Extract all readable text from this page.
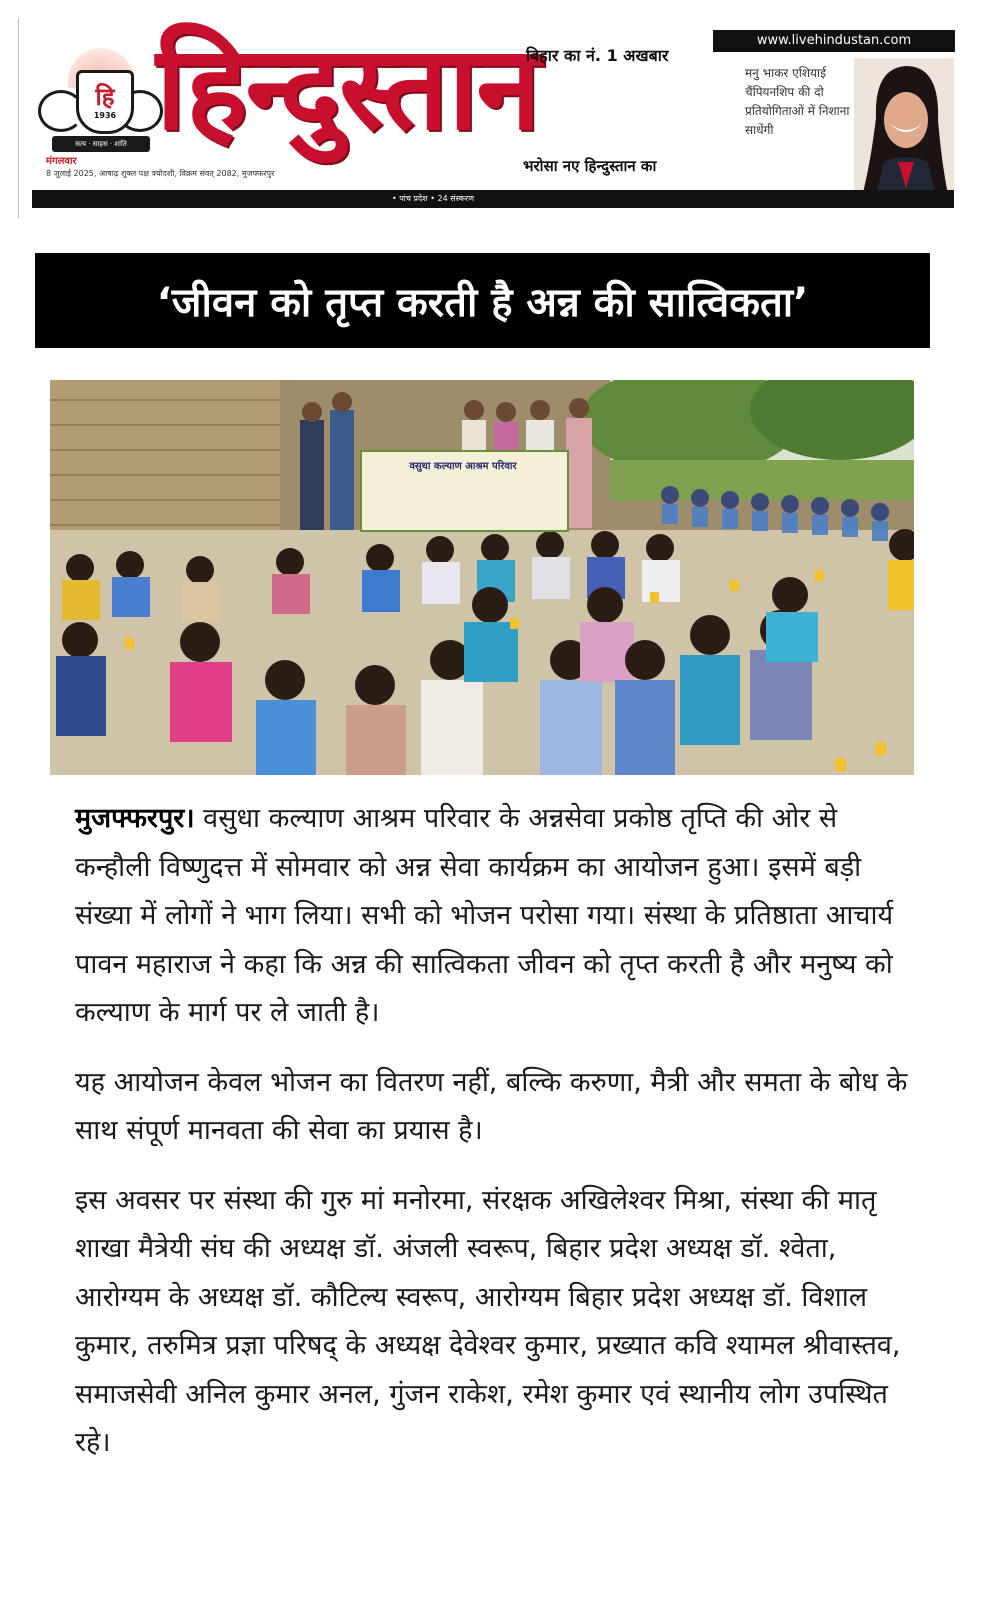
हि
1936
सत्य · साहस · शांति
मंगलवार
8 जुलाई 2025, आषाढ़ शुक्ल पक्ष त्रयोदशी, विक्रम संवत् 2082, मुजफ्फरपुर
हिन्दुस्तान
बिहार का नं. 1 अखबार
भरोसा नए हिन्दुस्तान का
www.livehindustan.com
मनु भाकर एशियाई चैंपियनशिप की दो प्रतियोगिताओं में निशाना साधेंगी
• पांच प्रदेश • 24 संस्करण
‘जीवन को तृप्त करती है अन्न की सात्विकता’
वसुधा कल्याण आश्रम परिवार

मुजफ्फरपुर। वसुधा कल्याण आश्रम परिवार के अन्नसेवा प्रकोष्ठ तृप्ति की ओर से कन्हौली विष्णुदत्त में सोमवार को अन्न सेवा कार्यक्रम का आयोजन हुआ। इसमें बड़ी संख्या में लोगों ने भाग लिया। सभी को भोजन परोसा गया। संस्था के प्रतिष्ठाता आचार्य पावन महाराज ने कहा कि अन्न की सात्विकता जीवन को तृप्त करती है और मनुष्य को कल्याण के मार्ग पर ले जाती है।

यह आयोजन केवल भोजन का वितरण नहीं, बल्कि करुणा, मैत्री और समता के बोध के साथ संपूर्ण मानवता की सेवा का प्रयास है।

इस अवसर पर संस्था की गुरु मां मनोरमा, संरक्षक अखिलेश्वर मिश्रा, संस्था की मातृ शाखा मैत्रेयी संघ की अध्यक्ष डॉ. अंजली स्वरूप, बिहार प्रदेश अध्यक्ष डॉ. श्वेता, आरोग्यम के अध्यक्ष डॉ. कौटिल्य स्वरूप, आरोग्यम बिहार प्रदेश अध्यक्ष डॉ. विशाल कुमार, तरुमित्र प्रज्ञा परिषद् के अध्यक्ष देवेश्वर कुमार, प्रख्यात कवि श्यामल श्रीवास्तव, समाजसेवी अनिल कुमार अनल, गुंजन राकेश, रमेश कुमार एवं स्थानीय लोग उपस्थित रहे।
